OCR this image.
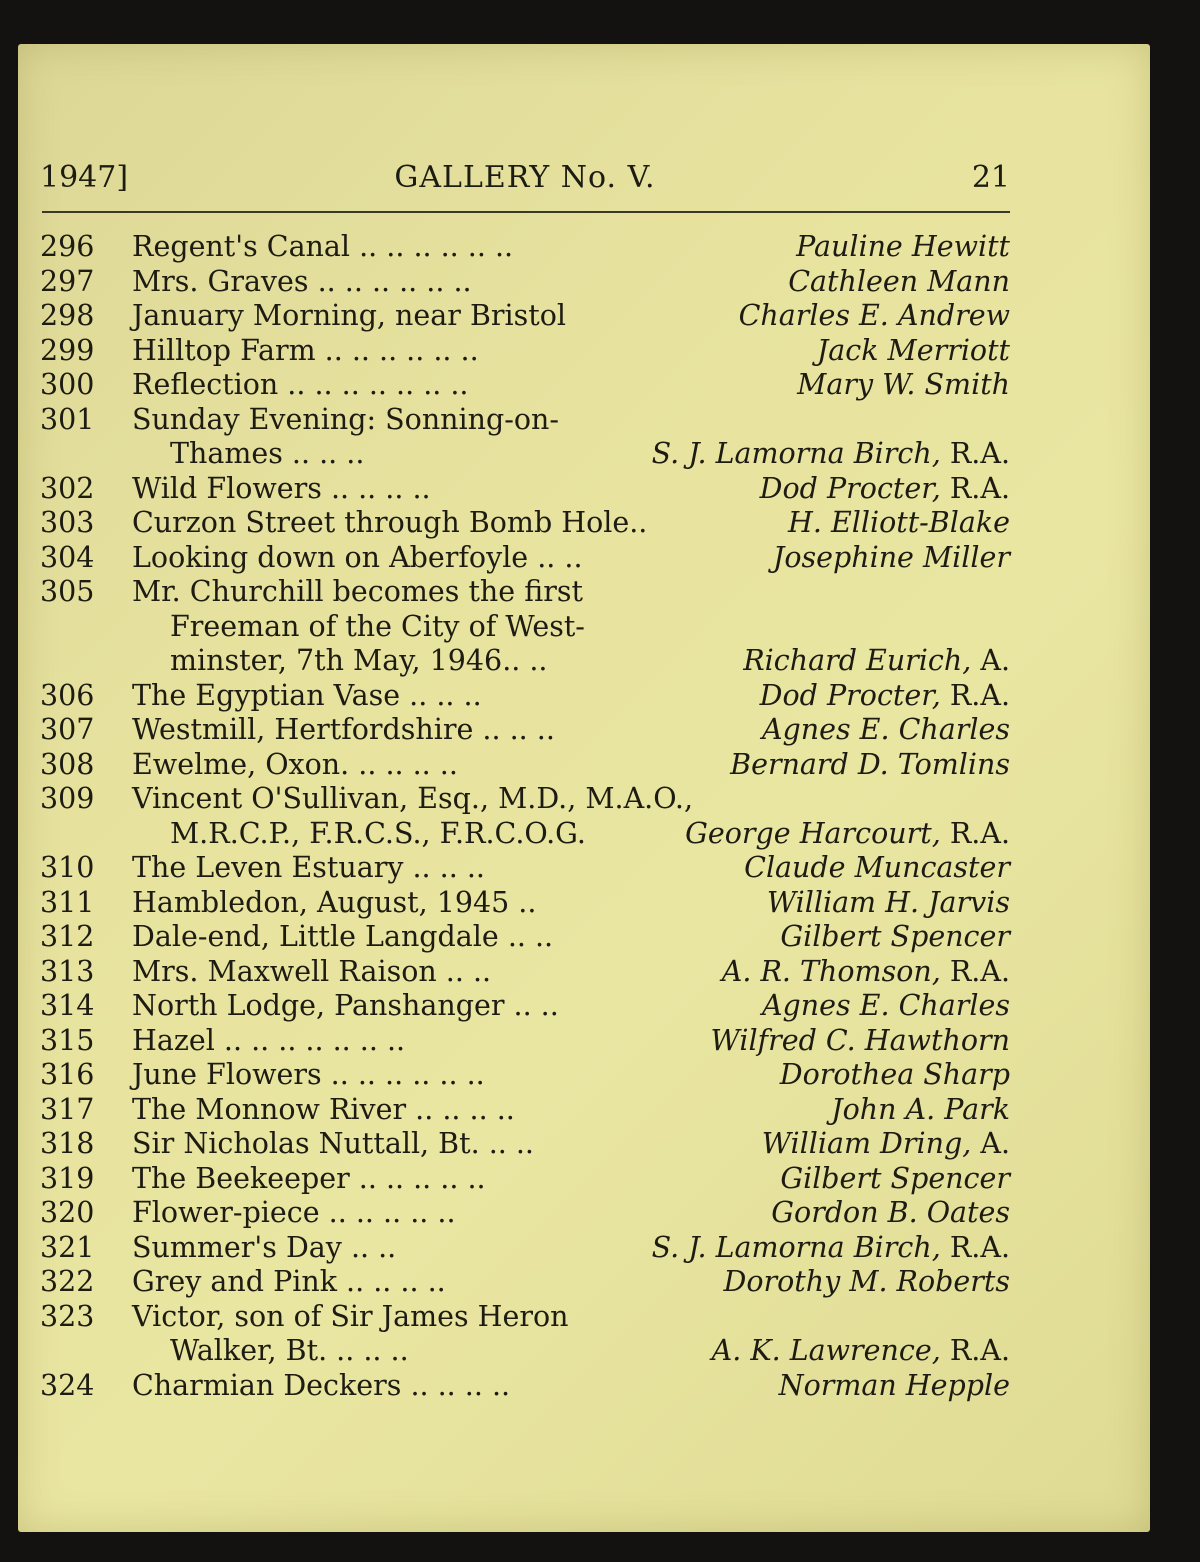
1947]	GALLERY No. V.	21
296	Regent's Canal .. .. .. .. .. ..	Pauline Hewitt
297	Mrs. Graves .. .. .. .. .. ..	Cathleen Mann
298	January Morning, near Bristol	Charles E. Andrew
299	Hilltop Farm .. .. .. .. .. ..	Jack Merriott
300	Reflection .. .. .. .. .. .. ..	Mary W. Smith
301	Sunday Evening: Sonning-on-
Thames .. .. ..	S. J. Lamorna Birch, R.A.
302	Wild Flowers .. .. .. ..	Dod Procter, R.A.
303	Curzon Street through Bomb Hole..	H. Elliott-Blake
304	Looking down on Aberfoyle .. ..	Josephine Miller
305	Mr. Churchill becomes the first
Freeman of the City of West-
minster, 7th May, 1946.. ..	Richard Eurich, A.
306	The Egyptian Vase .. .. ..	Dod Procter, R.A.
307	Westmill, Hertfordshire .. .. ..	Agnes E. Charles
308	Ewelme, Oxon. .. .. .. ..	Bernard D. Tomlins
309	Vincent O'Sullivan, Esq., M.D., M.A.O.,
M.R.C.P., F.R.C.S., F.R.C.O.G.	George Harcourt, R.A.
310	The Leven Estuary .. .. ..	Claude Muncaster
311	Hambledon, August, 1945 ..	William H. Jarvis
312	Dale-end, Little Langdale .. ..	Gilbert Spencer
313	Mrs. Maxwell Raison .. ..	A. R. Thomson, R.A.
314	North Lodge, Panshanger .. ..	Agnes E. Charles
315	Hazel .. .. .. .. .. .. ..	Wilfred C. Hawthorn
316	June Flowers .. .. .. .. .. ..	Dorothea Sharp
317	The Monnow River .. .. .. ..	John A. Park
318	Sir Nicholas Nuttall, Bt. .. ..	William Dring, A.
319	The Beekeeper .. .. .. .. ..	Gilbert Spencer
320	Flower-piece .. .. .. .. ..	Gordon B. Oates
321	Summer's Day .. ..	S. J. Lamorna Birch, R.A.
322	Grey and Pink .. .. .. ..	Dorothy M. Roberts
323	Victor, son of Sir James Heron
Walker, Bt. .. .. ..	A. K. Lawrence, R.A.
324	Charmian Deckers .. .. .. ..	Norman Hepple
